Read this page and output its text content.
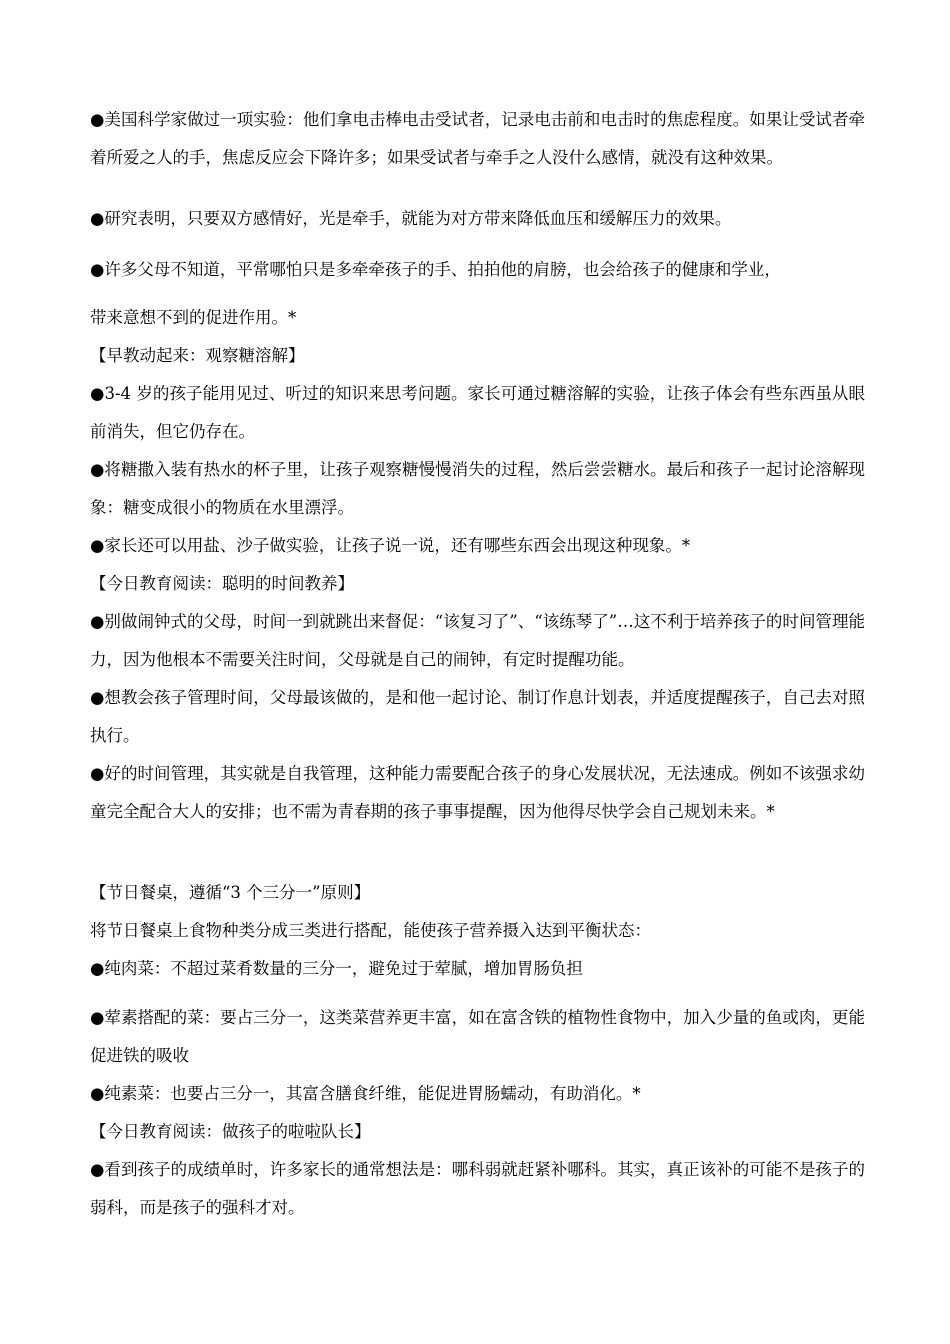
●美国科学家做过一项实验：他们拿电击棒电击受试者，记录电击前和电击时的焦虑程度。如果让受试者牵着所爱之人的手，焦虑反应会下降许多；如果受试者与牵手之人没什么感情，就没有这种效果。

●研究表明，只要双方感情好，光是牵手，就能为对方带来降低血压和缓解压力的效果。

●许多父母不知道，平常哪怕只是多牵牵孩子的手、拍拍他的肩膀，也会给孩子的健康和学业，

带来意想不到的促进作用。*

【早教动起来：观察糖溶解】

●3-4 岁的孩子能用见过、听过的知识来思考问题。家长可通过糖溶解的实验，让孩子体会有些东西虽从眼前消失，但它仍存在。

●将糖撒入装有热水的杯子里，让孩子观察糖慢慢消失的过程，然后尝尝糖水。最后和孩子一起讨论溶解现象：糖变成很小的物质在水里漂浮。

●家长还可以用盐、沙子做实验，让孩子说一说，还有哪些东西会出现这种现象。*

【今日教育阅读：聪明的时间教养】

●别做闹钟式的父母，时间一到就跳出来督促：“该复习了”、“该练琴了”…这不利于培养孩子的时间管理能力，因为他根本不需要关注时间，父母就是自己的闹钟，有定时提醒功能。

●想教会孩子管理时间，父母最该做的，是和他一起讨论、制订作息计划表，并适度提醒孩子，自己去对照执行。

●好的时间管理，其实就是自我管理，这种能力需要配合孩子的身心发展状况，无法速成。例如不该强求幼童完全配合大人的安排；也不需为青春期的孩子事事提醒，因为他得尽快学会自己规划未来。*

【节日餐桌，遵循“3 个三分一”原则】

将节日餐桌上食物种类分成三类进行搭配，能使孩子营养摄入达到平衡状态：

●纯肉菜：不超过菜肴数量的三分一，避免过于荤腻，增加胃肠负担

●荤素搭配的菜：要占三分一，这类菜营养更丰富，如在富含铁的植物性食物中，加入少量的鱼或肉，更能促进铁的吸收

●纯素菜：也要占三分一，其富含膳食纤维，能促进胃肠蠕动，有助消化。*

【今日教育阅读：做孩子的啦啦队长】

●看到孩子的成绩单时，许多家长的通常想法是：哪科弱就赶紧补哪科。其实，真正该补的可能不是孩子的弱科，而是孩子的强科才对。
